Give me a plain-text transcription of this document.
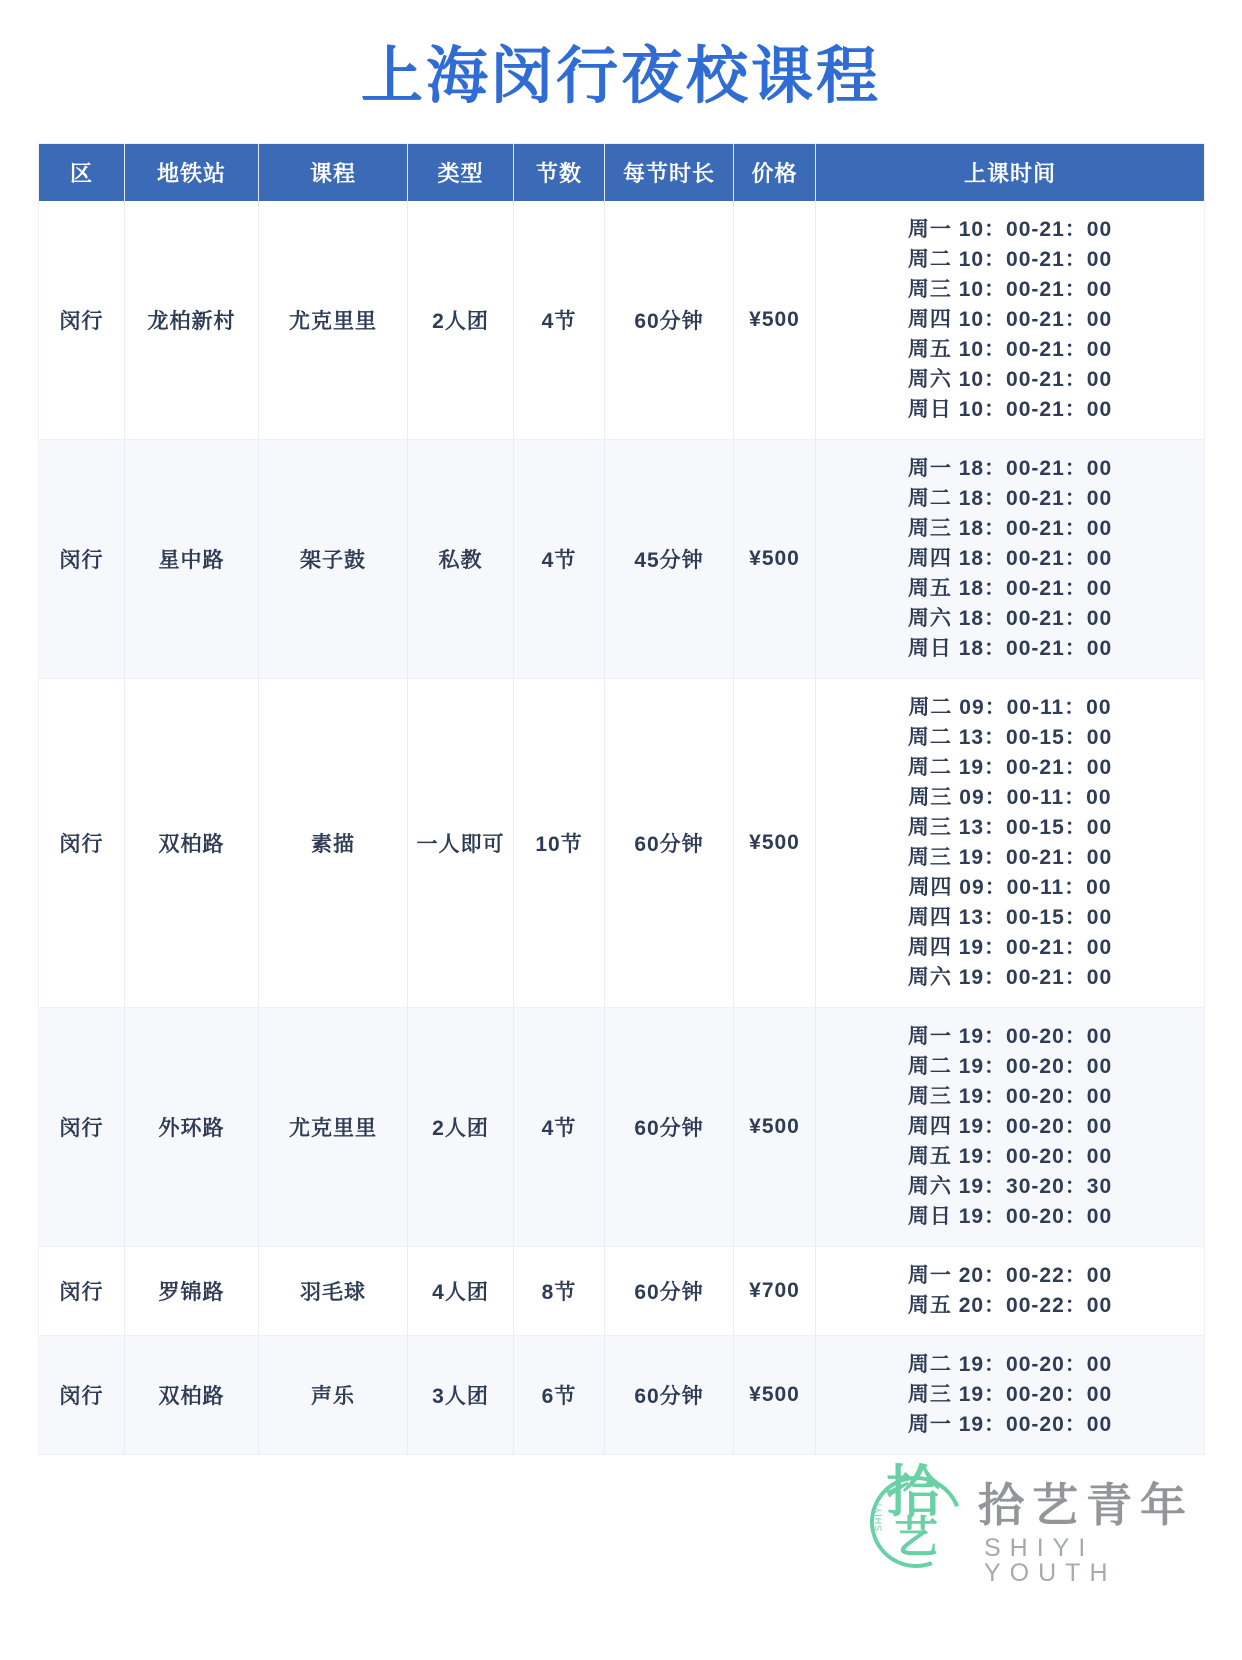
上海闵行夜校课程
区	地铁站	课程	类型	节数	每节时长	价格	上课时间
闵行	龙柏新村	尤克里里	2人团	4节	60分钟	¥500	
周一 10：00-21：00
周二 10：00-21：00
周三 10：00-21：00
周四 10：00-21：00
周五 10：00-21：00
周六 10：00-21：00
周日 10：00-21：00

闵行	星中路	架子鼓	私教	4节	45分钟	¥500	
周一 18：00-21：00
周二 18：00-21：00
周三 18：00-21：00
周四 18：00-21：00
周五 18：00-21：00
周六 18：00-21：00
周日 18：00-21：00

闵行	双柏路	素描	一人即可	10节	60分钟	¥500	
周二 09：00-11：00
周二 13：00-15：00
周二 19：00-21：00
周三 09：00-11：00
周三 13：00-15：00
周三 19：00-21：00
周四 09：00-11：00
周四 13：00-15：00
周四 19：00-21：00
周六 19：00-21：00

闵行	外环路	尤克里里	2人团	4节	60分钟	¥500	
周一 19：00-20：00
周二 19：00-20：00
周三 19：00-20：00
周四 19：00-20：00
周五 19：00-20：00
周六 19：30-20：30
周日 19：00-20：00

闵行	罗锦路	羽毛球	4人团	8节	60分钟	¥700	周一 20：00-22：00
周五 20：00-22：00

闵行	双柏路	声乐	3人团	6节	60分钟	¥500	周二 19：00-20：00
周三 19：00-20：00
周一 19：00-20：00
SHIYI 拾
艺
拾艺青年
SHIYI YOUTH
